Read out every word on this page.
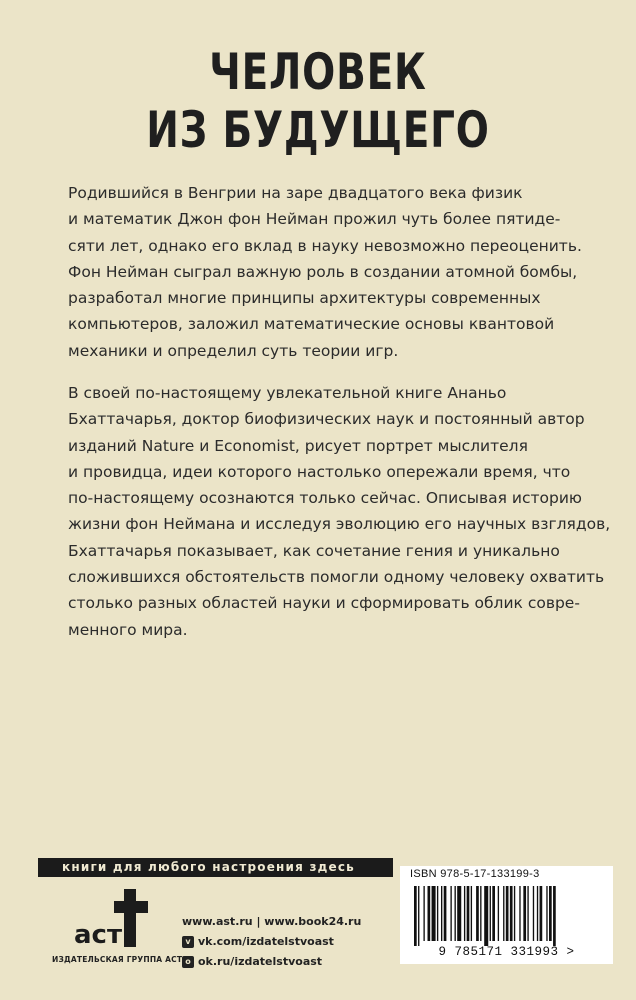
ЧЕЛОВЕК
ИЗ БУДУЩЕГО
Родившийся в Венгрии на заре двадцатого века физик
и математик Джон фон Нейман прожил чуть более пятиде-
сяти лет, однако его вклад в науку невозможно переоценить.
Фон Нейман сыграл важную роль в создании атомной бомбы,
разработал многие принципы архитектуры современных
компьютеров, заложил математические основы квантовой
механики и определил суть теории игр.
В своей по-настоящему увлекательной книге Ананьо
Бхаттачарья, доктор биофизических наук и постоянный автор
изданий Nature и Economist, рисует портрет мыслителя
и провидца, идеи которого настолько опережали время, что
по-настоящему осознаются только сейчас. Описывая историю
жизни фон Неймана и исследуя эволюцию его научных взглядов,
Бхаттачарья показывает, как сочетание гения и уникально
сложившихся обстоятельств помогли одному человеку охватить
столько разных областей науки и сформировать облик совре-
менного мира.
книги для любого настроения здесь
аст
ИЗДАТЕЛЬСКАЯ ГРУППА АСТ
www.ast.ru | www.book24.ru
v vk.com/izdatelstvoast
o ok.ru/izdatelstvoast
ISBN 978-5-17-133199-3
9 785171 331993 >
